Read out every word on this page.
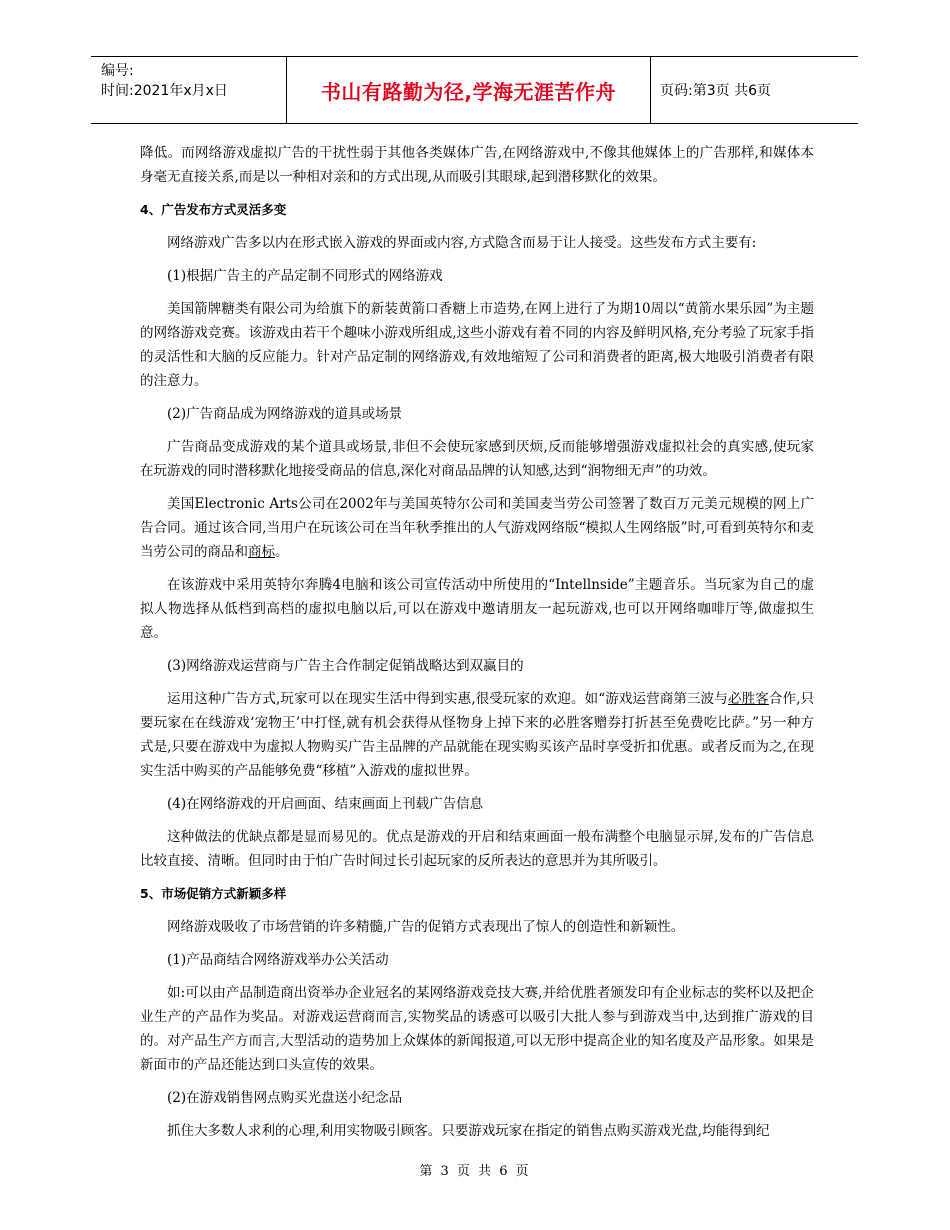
编号:
时间:2021年x月x日	书山有路勤为径,学海无涯苦作舟	页码:第3页 共6页

降低。而网络游戏虚拟广告的干扰性弱于其他各类媒体广告,在网络游戏中,不像其他媒体上的广告那样,和媒体本身毫无直接关系,而是以一种相对亲和的方式出现,从而吸引其眼球,起到潜移默化的效果。

4、广告发布方式灵活多变

网络游戏广告多以内在形式嵌入游戏的界面或内容,方式隐含而易于让人接受。这些发布方式主要有:

(1)根据广告主的产品定制不同形式的网络游戏

美国箭牌糖类有限公司为给旗下的新装黄箭口香糖上市造势,在网上进行了为期10周以“黄箭水果乐园”为主题的网络游戏竞赛。该游戏由若干个趣味小游戏所组成,这些小游戏有着不同的内容及鲜明风格,充分考验了玩家手指的灵活性和大脑的反应能力。针对产品定制的网络游戏,有效地缩短了公司和消费者的距离,极大地吸引消费者有限的注意力。

(2)广告商品成为网络游戏的道具或场景

广告商品变成游戏的某个道具或场景,非但不会使玩家感到厌烦,反而能够增强游戏虚拟社会的真实感,使玩家在玩游戏的同时潜移默化地接受商品的信息,深化对商品品牌的认知感,达到“润物细无声”的功效。

美国Electronic Arts公司在2002年与美国英特尔公司和美国麦当劳公司签署了数百万元美元规模的网上广告合同。通过该合同,当用户在玩该公司在当年秋季推出的人气游戏网络版“模拟人生网络版”时,可看到英特尔和麦当劳公司的商品和商标。

在该游戏中采用英特尔奔腾4电脑和该公司宣传活动中所使用的“Intellnside”主题音乐。当玩家为自己的虚拟人物选择从低档到高档的虚拟电脑以后,可以在游戏中邀请朋友一起玩游戏,也可以开网络咖啡厅等,做虚拟生意。

(3)网络游戏运营商与广告主合作制定促销战略达到双赢目的

运用这种广告方式,玩家可以在现实生活中得到实惠,很受玩家的欢迎。如“游戏运营商第三波与必胜客合作,只要玩家在在线游戏‘宠物王’中打怪,就有机会获得从怪物身上掉下来的必胜客赠券打折甚至免费吃比萨。”另一种方式是,只要在游戏中为虚拟人物购买广告主品牌的产品就能在现实购买该产品时享受折扣优惠。或者反而为之,在现实生活中购买的产品能够免费“移植”入游戏的虚拟世界。

(4)在网络游戏的开启画面、结束画面上刊载广告信息

这种做法的优缺点都是显而易见的。优点是游戏的开启和结束画面一般布满整个电脑显示屏,发布的广告信息比较直接、清晰。但同时由于怕广告时间过长引起玩家的反所表达的意思并为其所吸引。

5、市场促销方式新颖多样

网络游戏吸收了市场营销的许多精髓,广告的促销方式表现出了惊人的创造性和新颖性。

(1)产品商结合网络游戏举办公关活动

如:可以由产品制造商出资举办企业冠名的某网络游戏竞技大赛,并给优胜者颁发印有企业标志的奖杯以及把企业生产的产品作为奖品。对游戏运营商而言,实物奖品的诱惑可以吸引大批人参与到游戏当中,达到推广游戏的目的。对产品生产方而言,大型活动的造势加上众媒体的新闻报道,可以无形中提高企业的知名度及产品形象。如果是新面市的产品还能达到口头宣传的效果。

(2)在游戏销售网点购买光盘送小纪念品

抓住大多数人求利的心理,利用实物吸引顾客。只要游戏玩家在指定的销售点购买游戏光盘,均能得到纪

第 3 页 共 6 页
